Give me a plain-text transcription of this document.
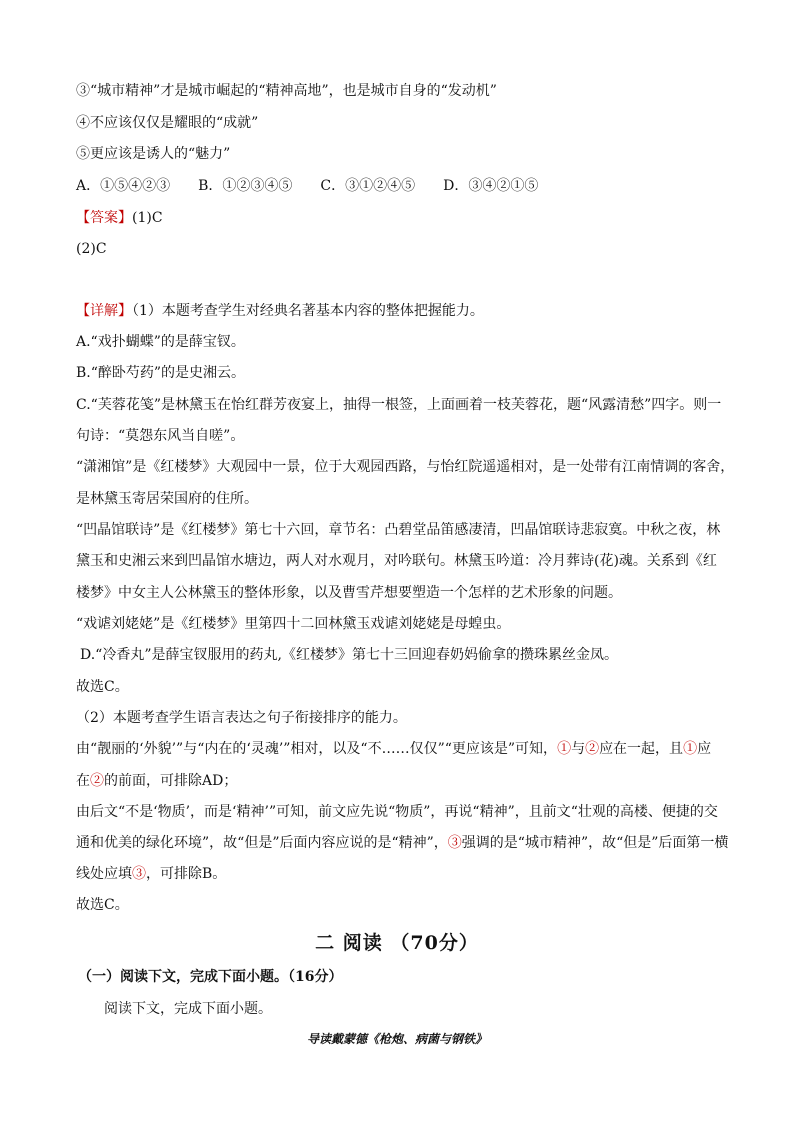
③“城市精神”才是城市崛起的“精神高地”，也是城市自身的“发动机”
④不应该仅仅是耀眼的“成就”
⑤更应该是诱人的“魅力”
A．①⑤④②③ B．①②③④⑤ C．③①②④⑤ D．③④②①⑤
【答案】(1)C
(2)C
【详解】（1）本题考查学生对经典名著基本内容的整体把握能力。
A.“戏扑蝴蝶”的是薛宝钗。
B.“醉卧芍药”的是史湘云。
C.“芙蓉花笺”是林黛玉在怡红群芳夜宴上，抽得一根签，上面画着一枝芙蓉花，题“风露清愁”四字。则一
句诗：“莫怨东风当自嗟”。
“潇湘馆”是《红楼梦》大观园中一景，位于大观园西路，与怡红院遥遥相对，是一处带有江南情调的客舍，
是林黛玉寄居荣国府的住所。
“凹晶馆联诗”是《红楼梦》第七十六回，章节名：凸碧堂品笛感凄清，凹晶馆联诗悲寂寞。中秋之夜，林
黛玉和史湘云来到凹晶馆水塘边，两人对水观月，对吟联句。林黛玉吟道：冷月葬诗(花)魂。关系到《红
楼梦》中女主人公林黛玉的整体形象，以及曹雪芹想要塑造一个怎样的艺术形象的问题。
“戏谑刘姥姥”是《红楼梦》里第四十二回林黛玉戏谑刘姥姥是母蝗虫。
D.“冷香丸”是薛宝钗服用的药丸,《红楼梦》第七十三回迎春奶妈偷拿的攒珠累丝金凤。
故选C。
（2）本题考查学生语言表达之句子衔接排序的能力。
由“靓丽的‘外貌’”与“内在的‘灵魂’”相对，以及“不……仅仅”“更应该是”可知，①与②应在一起，且①应
在②的前面，可排除AD；
由后文“不是‘物质’，而是‘精神’”可知，前文应先说“物质”，再说“精神”，且前文“壮观的高楼、便捷的交
通和优美的绿化环境”，故“但是”后面内容应说的是“精神”，③强调的是“城市精神”，故“但是”后面第一横
线处应填③，可排除B。
故选C。
二 阅读 （70分）
（一）阅读下文，完成下面小题。（16分）
阅读下文，完成下面小题。
导读戴蒙德《枪炮、病菌与钢铁》
